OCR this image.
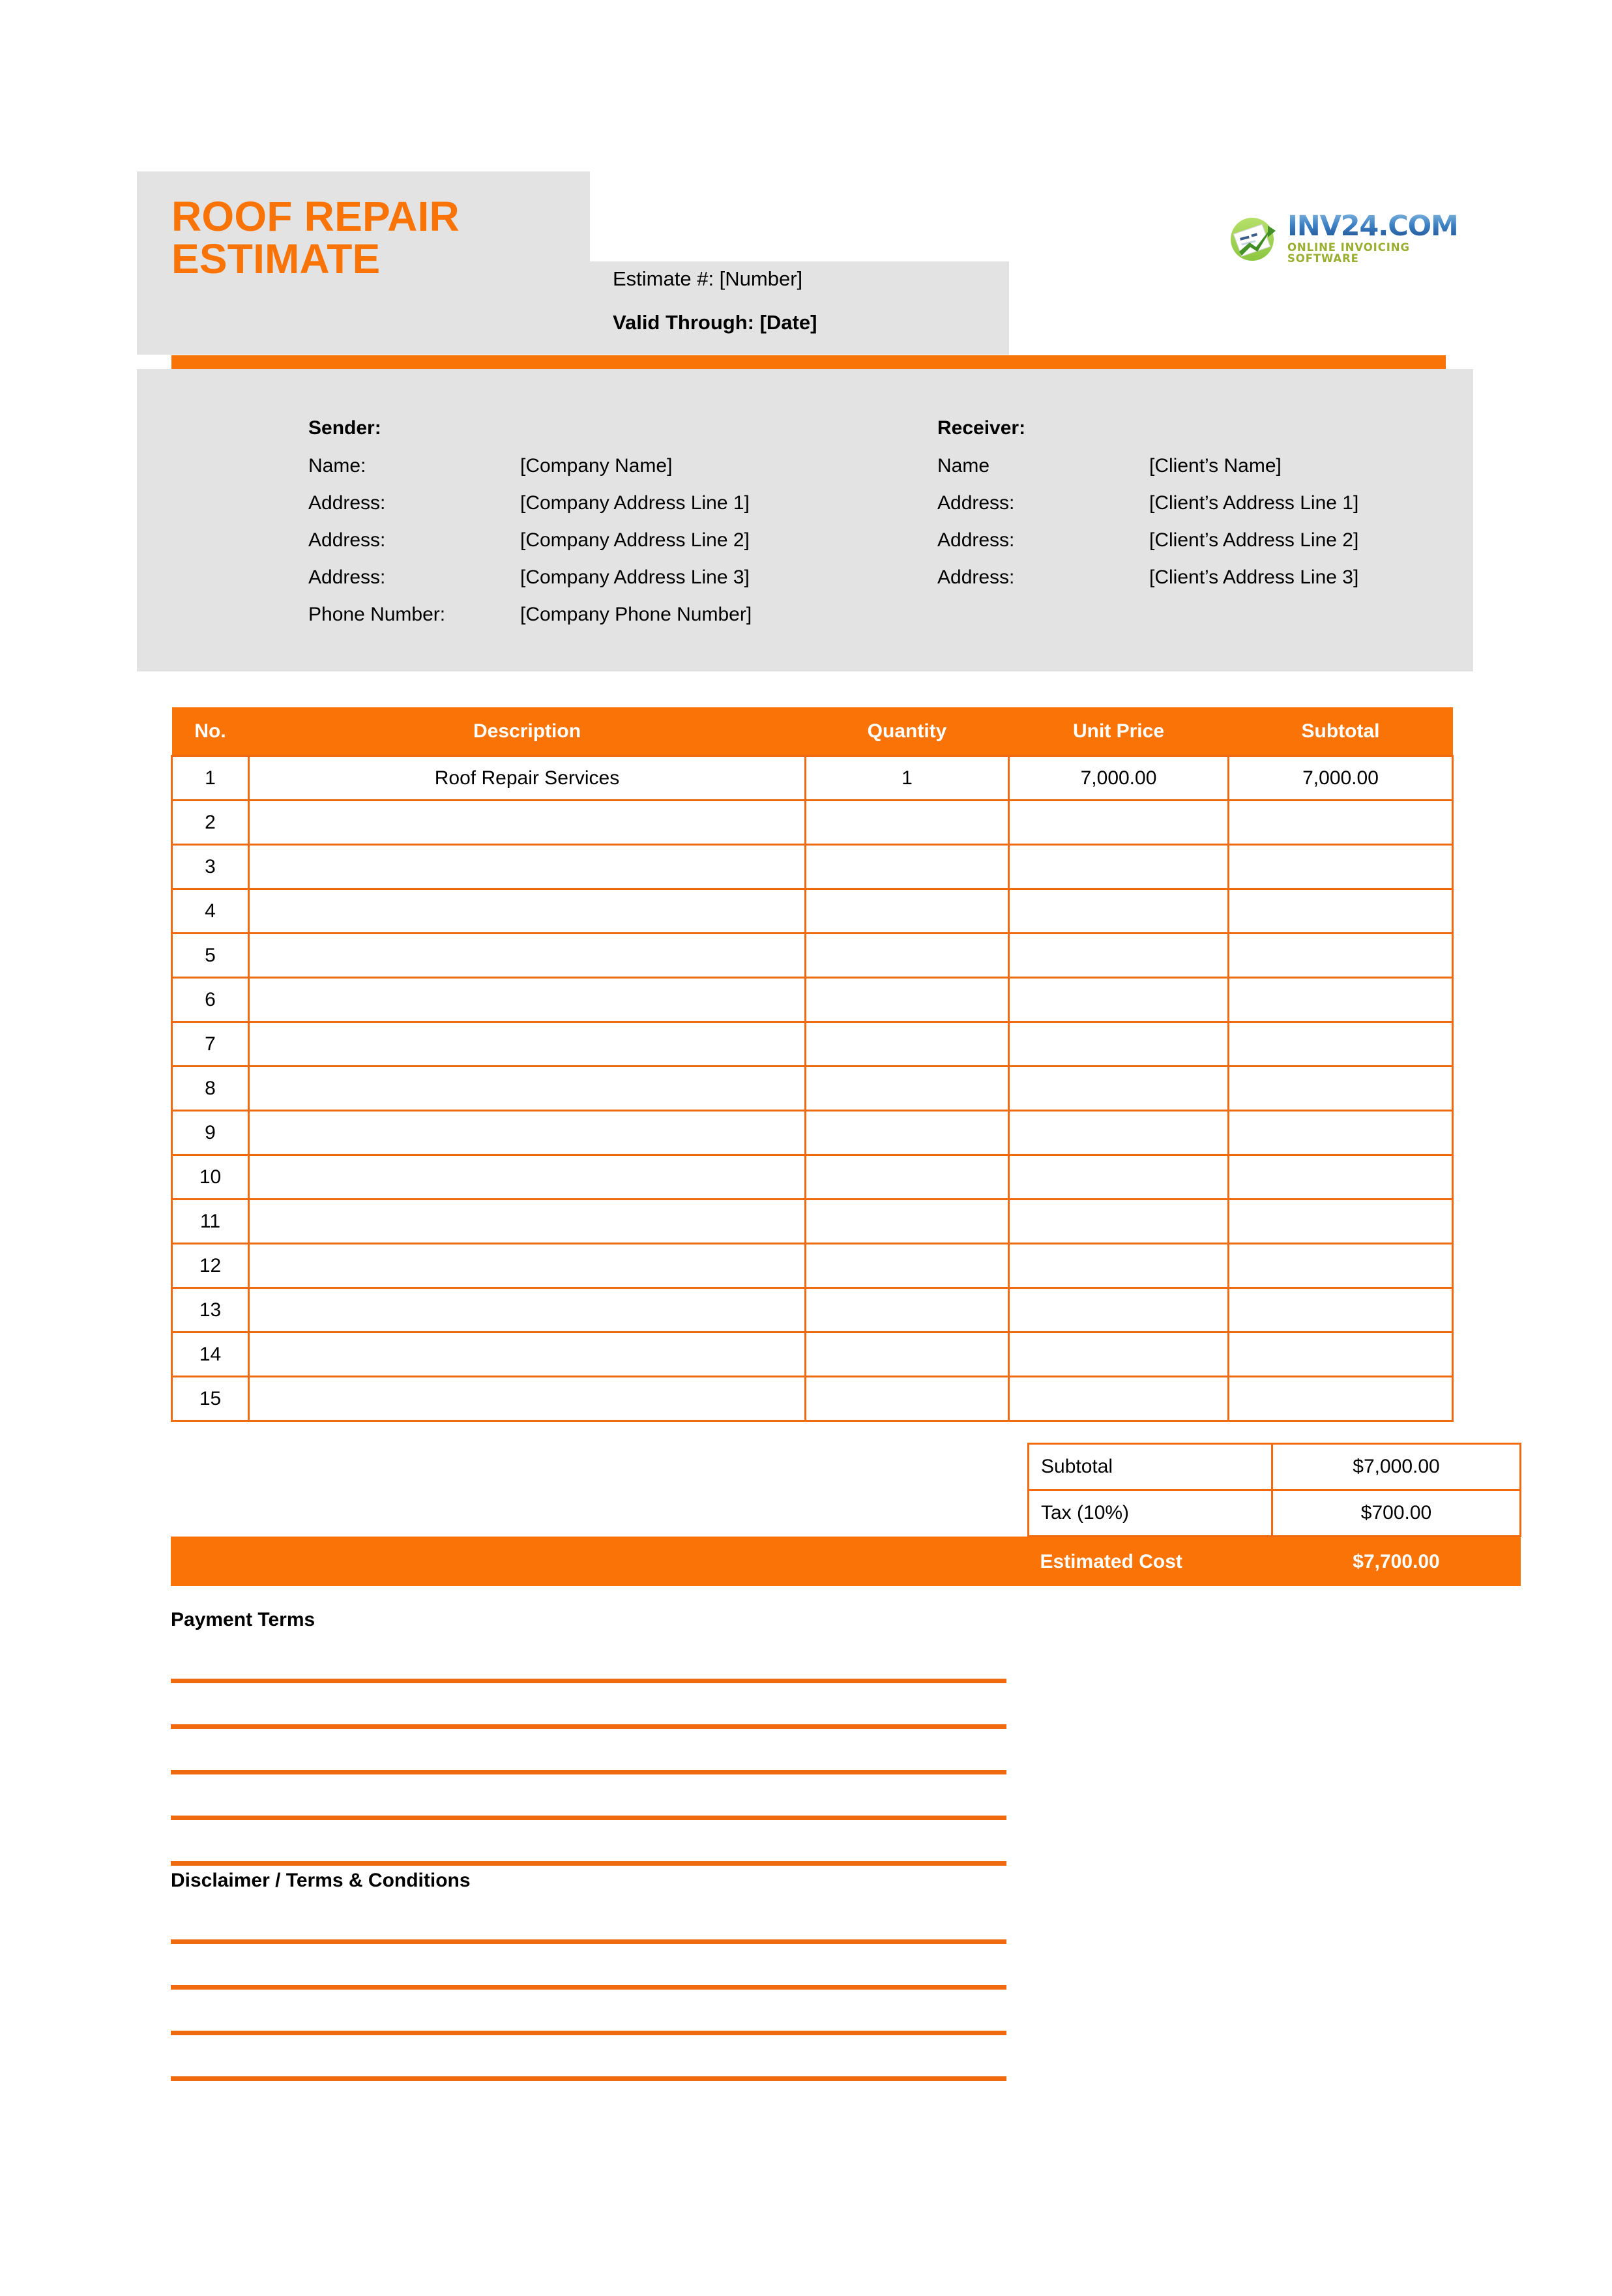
ROOF REPAIR ESTIMATE	Estimate #: [Number]
Valid Through: [Date]
INV24.COM
ONLINE INVOICING SOFTWARE
Sender:
Name:	[Company Name]
Address:	[Company Address Line 1]
Address:	[Company Address Line 2]
Address:	[Company Address Line 3]
Phone Number:	[Company Phone Number]
Receiver:
Name	[Client’s Name]
Address:	[Client’s Address Line 1]
Address:	[Client’s Address Line 2]
Address:	[Client’s Address Line 3]
No.	Description	Quantity	Unit Price	Subtotal
1	Roof Repair Services	1	7,000.00	7,000.00
2				
3				
4				
5				
6				
7				
8				
9				
10				
11				
12				
13				
14				
15				
	Subtotal	$7,000.00
	Tax (10%)	$700.00
	Estimated Cost	$7,700.00
Payment Terms
Disclaimer / Terms & Conditions
